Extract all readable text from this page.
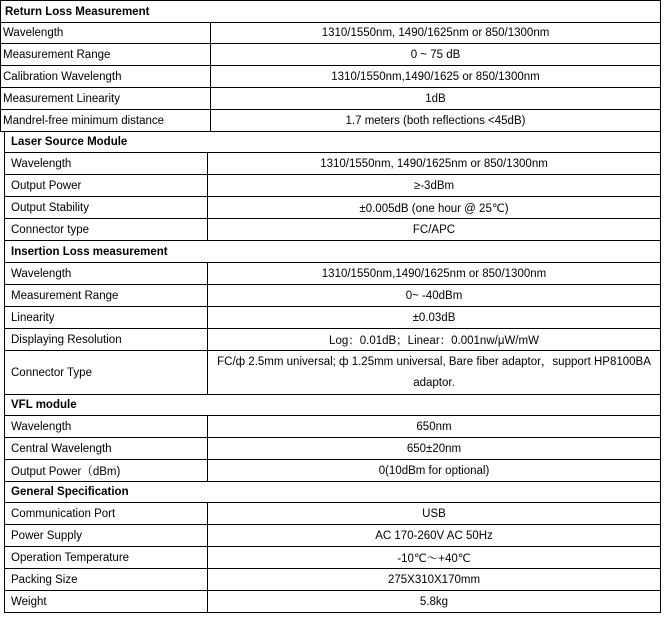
Return Loss Measurement	
Wavelength	1310/1550nm, 1490/1625nm or 850/1300nm
Measurement Range	0 ~ 75 dB
Calibration Wavelength	1310/1550nm,1490/1625 or 850/1300nm
Measurement Linearity	1dB
Mandrel-free minimum distance	1.7 meters (both reflections <45dB)
Laser Source Module	
Wavelength	1310/1550nm, 1490/1625nm or 850/1300nm
Output Power	≥-3dBm
Output Stability	±0.005dB (one hour @ 25℃)
Connector type	FC/APC
Insertion Loss measurement	
Wavelength	1310/1550nm,1490/1625nm or 850/1300nm
Measurement Range	0~ -40dBm
Linearity	±0.03dB
Displaying Resolution	Log：0.01dB；Linear：0.001nw/μW/mW
Connector Type	FC/ф 2.5mm universal; ф 1.25mm universal, Bare fiber adaptor，support HP8100BA adaptor.
VFL module	
Wavelength	650nm
Central Wavelength	650±20nm
Output Power（dBm)	0(10dBm for optional)
General Specification	
Communication Port	USB
Power Supply	AC 170-260V AC 50Hz
Operation Temperature	-10℃～+40℃
Packing Size	275X310X170mm
Weight	5.8kg
